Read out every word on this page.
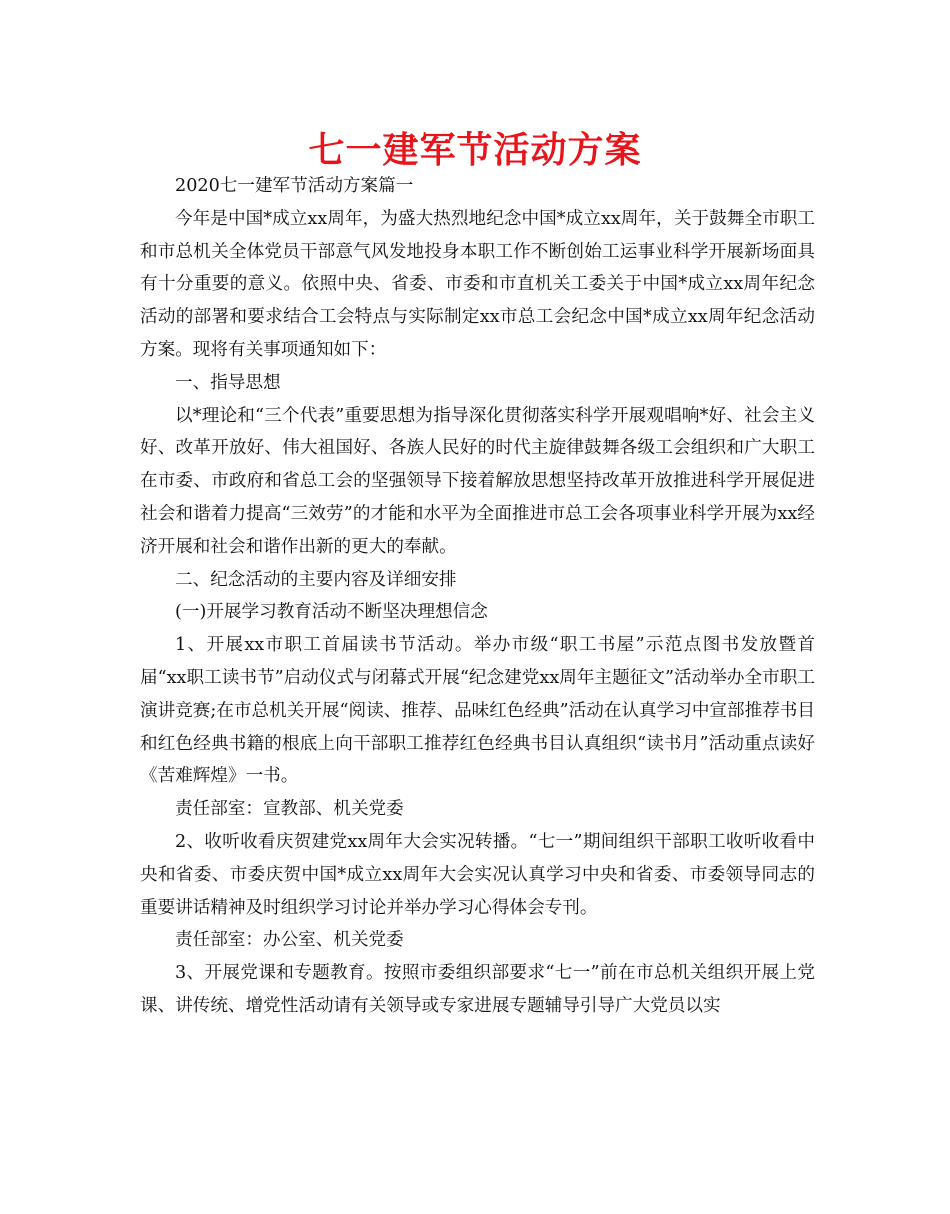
七一建军节活动方案

2020七一建军节活动方案篇一

今年是中国*成立xx周年，为盛大热烈地纪念中国*成立xx周年，关于鼓舞全市职工和市总机关全体党员干部意气风发地投身本职工作不断创始工运事业科学开展新场面具有十分重要的意义。依照中央、省委、市委和市直机关工委关于中国*成立xx周年纪念活动的部署和要求结合工会特点与实际制定xx市总工会纪念中国*成立xx周年纪念活动方案。现将有关事项通知如下：

一、指导思想

以*理论和“三个代表”重要思想为指导深化贯彻落实科学开展观唱响*好、社会主义好、改革开放好、伟大祖国好、各族人民好的时代主旋律鼓舞各级工会组织和广大职工在市委、市政府和省总工会的坚强领导下接着解放思想坚持改革开放推进科学开展促进社会和谐着力提高“三效劳”的才能和水平为全面推进市总工会各项事业科学开展为xx经济开展和社会和谐作出新的更大的奉献。

二、纪念活动的主要内容及详细安排

(一)开展学习教育活动不断坚决理想信念

1、开展xx市职工首届读书节活动。举办市级“职工书屋”示范点图书发放暨首届“xx职工读书节”启动仪式与闭幕式开展“纪念建党xx周年主题征文”活动举办全市职工演讲竞赛;在市总机关开展“阅读、推荐、品味红色经典”活动在认真学习中宣部推荐书目和红色经典书籍的根底上向干部职工推荐红色经典书目认真组织“读书月”活动重点读好《苦难辉煌》一书。

责任部室：宣教部、机关党委

2、收听收看庆贺建党xx周年大会实况转播。“七一”期间组织干部职工收听收看中央和省委、市委庆贺中国*成立xx周年大会实况认真学习中央和省委、市委领导同志的重要讲话精神及时组织学习讨论并举办学习心得体会专刊。

责任部室：办公室、机关党委

3、开展党课和专题教育。按照市委组织部要求“七一”前在市总机关组织开展上党课、讲传统、增党性活动请有关领导或专家进展专题辅导引导广大党员以实
